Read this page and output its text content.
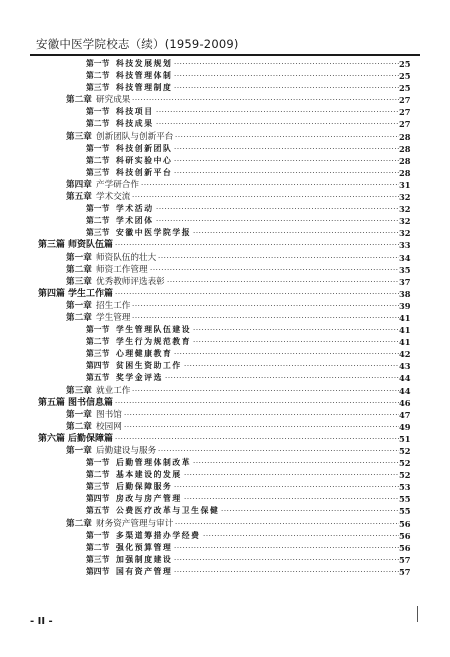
安徽中医学院校志（续）(1959-2009)
·····
第一节 科技发展规划	25
·····
第二节 科技管理体制	25
·····
第三节 科技管理制度	25
·····
第二章 研究成果	27
·····
第一节 科技项目	27
·····
第二节 科技成果	27
·····
第三章 创新团队与创新平台	28
·····
第一节 科技创新团队	28
·····
第二节 科研实验中心	28
·····
第三节 科技创新平台	28
·····
第四章 产学研合作	31
·····
第五章 学术交流	32
·····
第一节 学术活动	32
·····
第二节 学术团体	32
·····
第三节 安徽中医学院学报	32
·····
第三篇 师资队伍篇	33
·····
第一章 师资队伍的壮大	34
·····
第二章 师资工作管理	35
·····
第三章 优秀教师评选表彰	37
·····
第四篇 学生工作篇	38
·····
第一章 招生工作	39
·····
第二章 学生管理	41
·····
第一节 学生管理队伍建设	41
·····
第二节 学生行为规范教育	41
·····
第三节 心理健康教育	42
·····
第四节 贫困生资助工作	43
·····
第五节 奖学金评选	44
·····
第三章 就业工作	44
·····
第五篇 图书信息篇	46
·····
第一章 图书馆	47
·····
第二章 校园网	49
·····
第六篇 后勤保障篇	51
·····
第一章 后勤建设与服务	52
·····
第一节 后勤管理体制改革	52
·····
第二节 基本建设的发展	52
·····
第三节 后勤保障服务	53
·····
第四节 房改与房产管理	55
·····
第五节 公费医疗改革与卫生保健	55
·····
第二章 财务资产管理与审计	56
·····
第一节 多渠道筹措办学经费	56
·····
第二节 强化预算管理	56
·····
第三节 加强制度建设	57
·····
第四节 国有资产管理	57
- II -
